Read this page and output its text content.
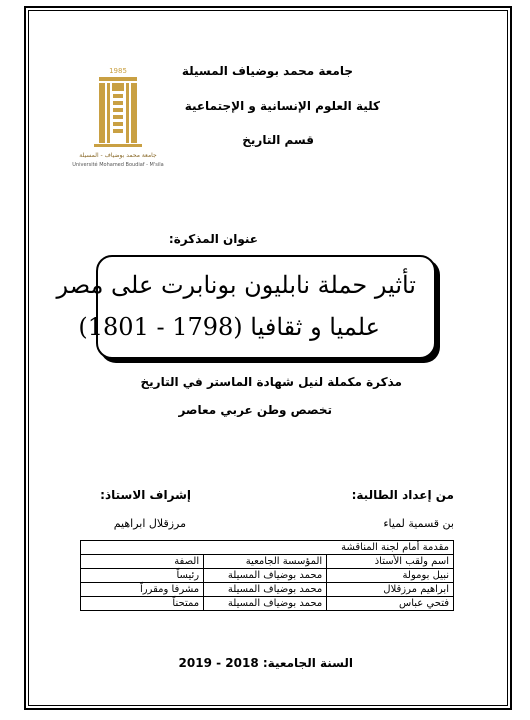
1985
جامعة محمد بوضياف - المسيلة
Université Mohamed Boudiaf - M'sila
جامعة محمد بوضياف المسيلة
كلية العلوم الإنسانية و الإجتماعية
قسم التاريخ
عنوان المذكرة:
تأثير حملة نابليون بونابرت على مصر
علميا و ثقافيا (1798 - 1801)
مذكرة مكملة لنيل شهادة الماستر في التاريخ
تخصص وطن عربي معاصر
من إعداد الطالبة:
بن قسمية لمياء
إشراف الاستاذ:
مرزقلال ابراهيم
مقدمة أمام لجنة المناقشة		
اسم ولقب الأستاذ	المؤسسة الجامعية	الصفة
نبيل بومولة	محمد بوضياف المسيلة	رئيساً
ابراهيم مرزقلال	محمد بوضياف المسيلة	مشرفا ومقرراً
فتحي عباس	محمد بوضياف المسيلة	ممتحناً
السنة الجامعية: 2018 - 2019
